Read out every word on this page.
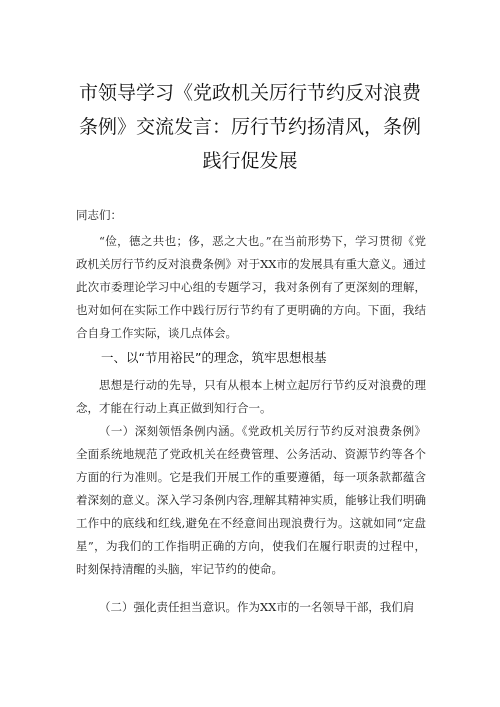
市领导学习《党政机关厉行节约反对浪费
条例》交流发言：厉行节约扬清风，条例
践行促发展
同志们：
“俭，德之共也；侈，恶之大也。”在当前形势下，学习贯彻《党政机关厉行节约反对浪费条例》对于XX市的发展具有重大意义。通过此次市委理论学习中心组的专题学习，我对条例有了更深刻的理解，也对如何在实际工作中践行厉行节约有了更明确的方向。下面，我结合自身工作实际，谈几点体会。
一、以“节用裕民”的理念，筑牢思想根基
思想是行动的先导，只有从根本上树立起厉行节约反对浪费的理念，才能在行动上真正做到知行合一。
（一）深刻领悟条例内涵。《党政机关厉行节约反对浪费条例》全面系统地规范了党政机关在经费管理、公务活动、资源节约等各个方面的行为准则。它是我们开展工作的重要遵循，每一项条款都蕴含着深刻的意义。深入学习条例内容,理解其精神实质，能够让我们明确工作中的底线和红线,避免在不经意间出现浪费行为。这就如同“定盘星”，为我们的工作指明正确的方向，使我们在履行职责的过程中，时刻保持清醒的头脑，牢记节约的使命。
（二）强化责任担当意识。作为XX市的一名领导干部，我们肩
